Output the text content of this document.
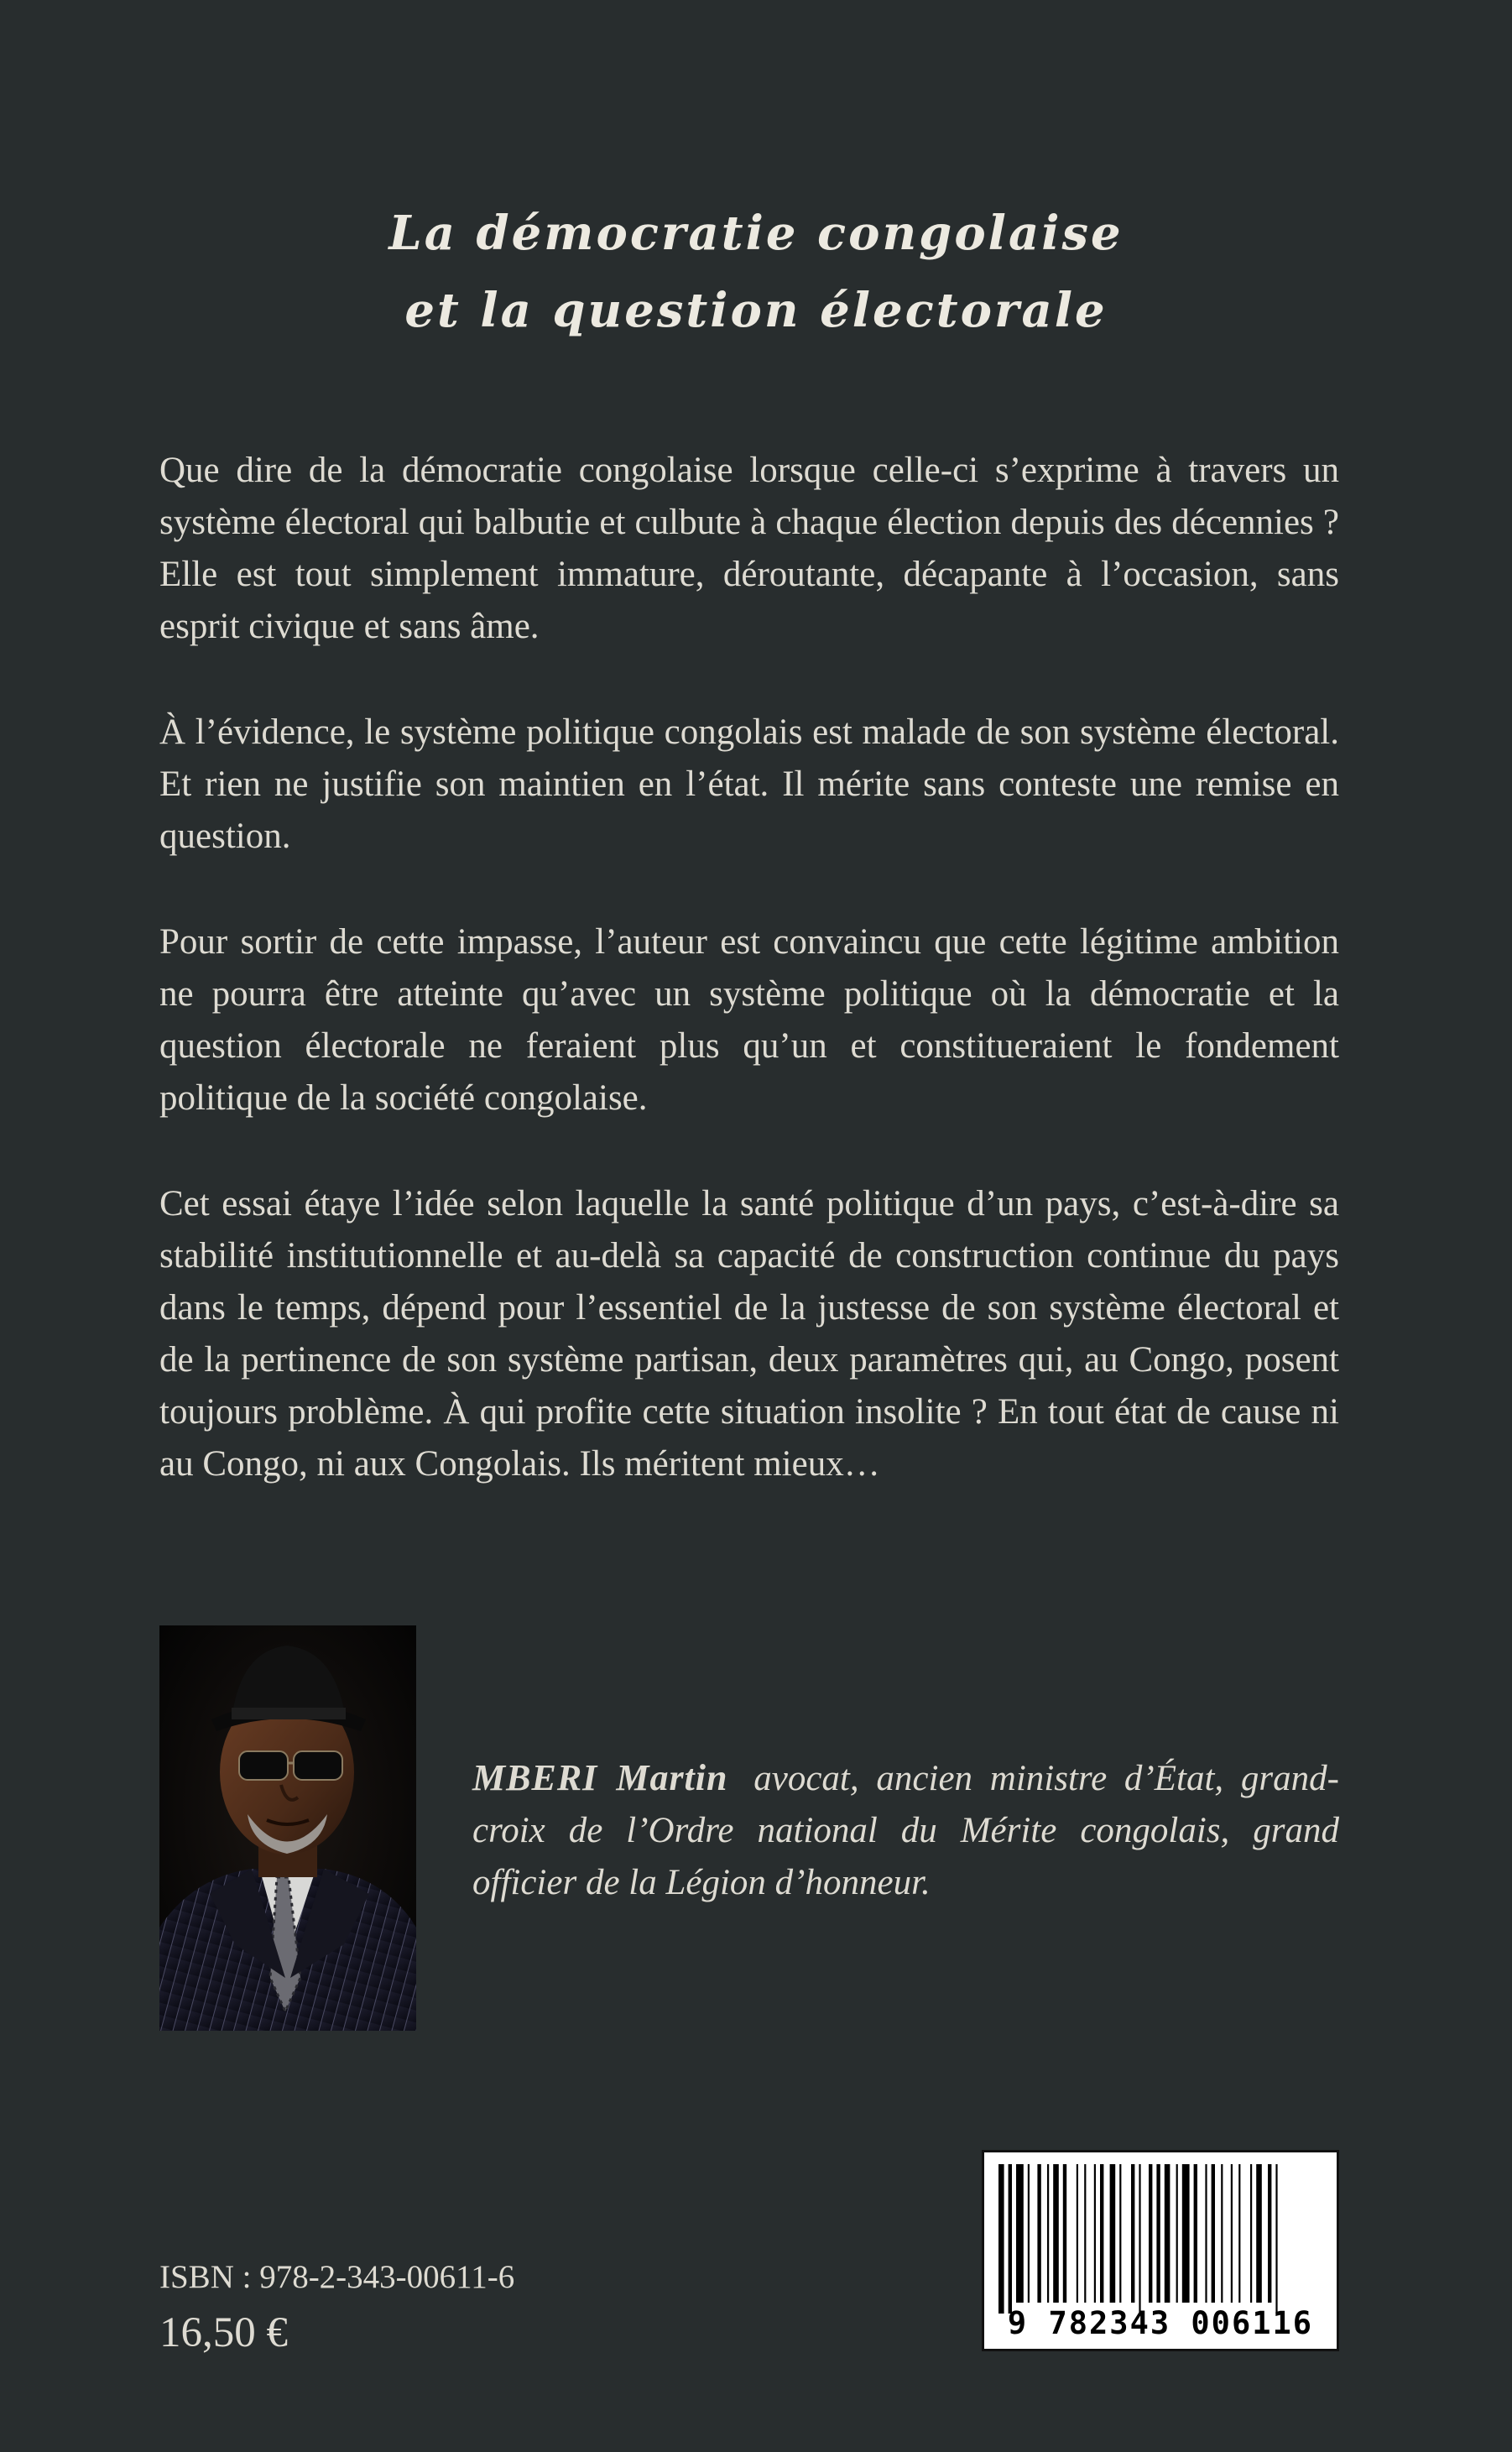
La démocratie congolaise
et la question électorale

Que dire de la démocratie congolaise lorsque celle-ci s’exprime à travers un système électoral qui balbutie et culbute à chaque élection depuis des décennies ? Elle est tout simplement immature, déroutante, décapante à l’occasion, sans esprit civique et sans âme.

À l’évidence, le système politique congolais est malade de son système électoral. Et rien ne justifie son maintien en l’état. Il mérite sans conteste une remise en question.

Pour sortir de cette impasse, l’auteur est convaincu que cette légitime ambition ne pourra être atteinte qu’avec un système politique où la démocratie et la question électorale ne feraient plus qu’un et constitueraient le fondement politique de la société congolaise.

Cet essai étaye l’idée selon laquelle la santé politique d’un pays, c’est-à-dire sa stabilité institutionnelle et au-delà sa capacité de construction continue du pays dans le temps, dépend pour l’essentiel de la justesse de son système électoral et de la pertinence de son système partisan, deux paramètres qui, au Congo, posent toujours problème. À qui profite cette situation insolite ? En tout état de cause ni au Congo, ni aux Congolais. Ils méritent mieux…

MBERI Martin avocat, ancien ministre d’État, grand-croix de l’Ordre national du Mérite congolais, grand officier de la Légion d’honneur.
ISBN : 978-2-343-00611-6
16,50 €	9 782343 006116
